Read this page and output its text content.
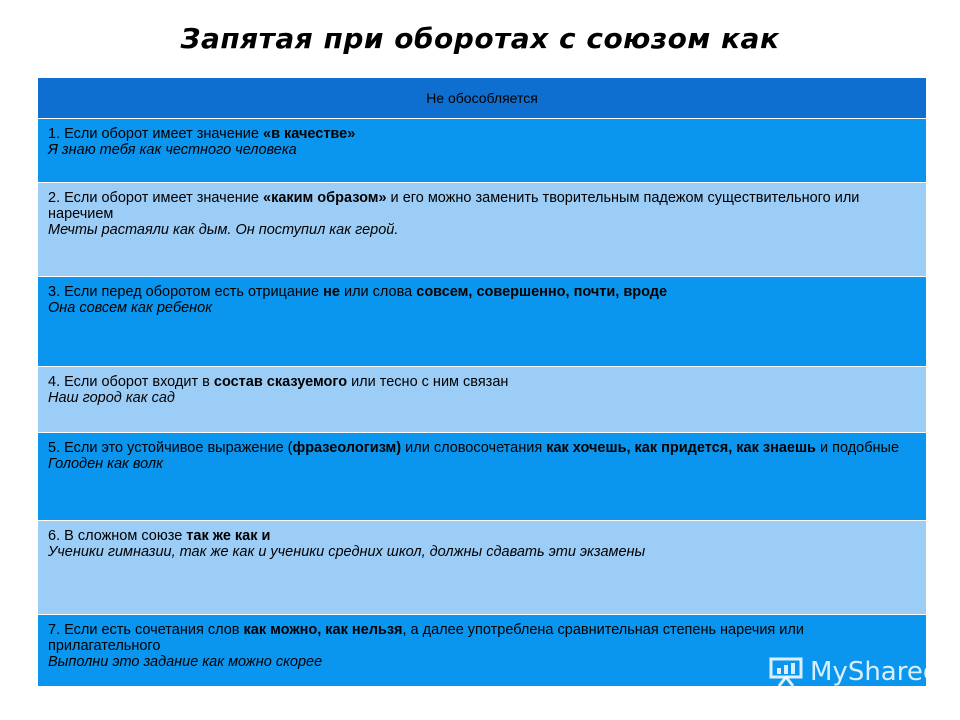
Запятая при оборотах с союзом как
Не обособляется
1. Если оборот имеет значение «в качестве»
Я знаю тебя как честного человека
2. Если оборот имеет значение «каким образом» и его можно заменить творительным падежом существительного или наречием
Мечты растаяли как дым. Он поступил как герой.
3. Если перед оборотом есть отрицание не или слова совсем, совершенно, почти, вроде
Она совсем как ребенок
4. Если оборот входит в состав сказуемого или тесно с ним связан
Наш город как сад
5. Если это устойчивое выражение (фразеологизм) или словосочетания как хочешь, как придется, как знаешь и подобные
Голоден как волк
6. В сложном союзе так же как и
Ученики гимназии, так же как и ученики средних школ, должны сдавать эти экзамены
7. Если есть сочетания слов как можно, как нельзя, а далее употреблена сравнительная степень наречия или прилагательного
Выполни это задание как можно скорее	MyShared
